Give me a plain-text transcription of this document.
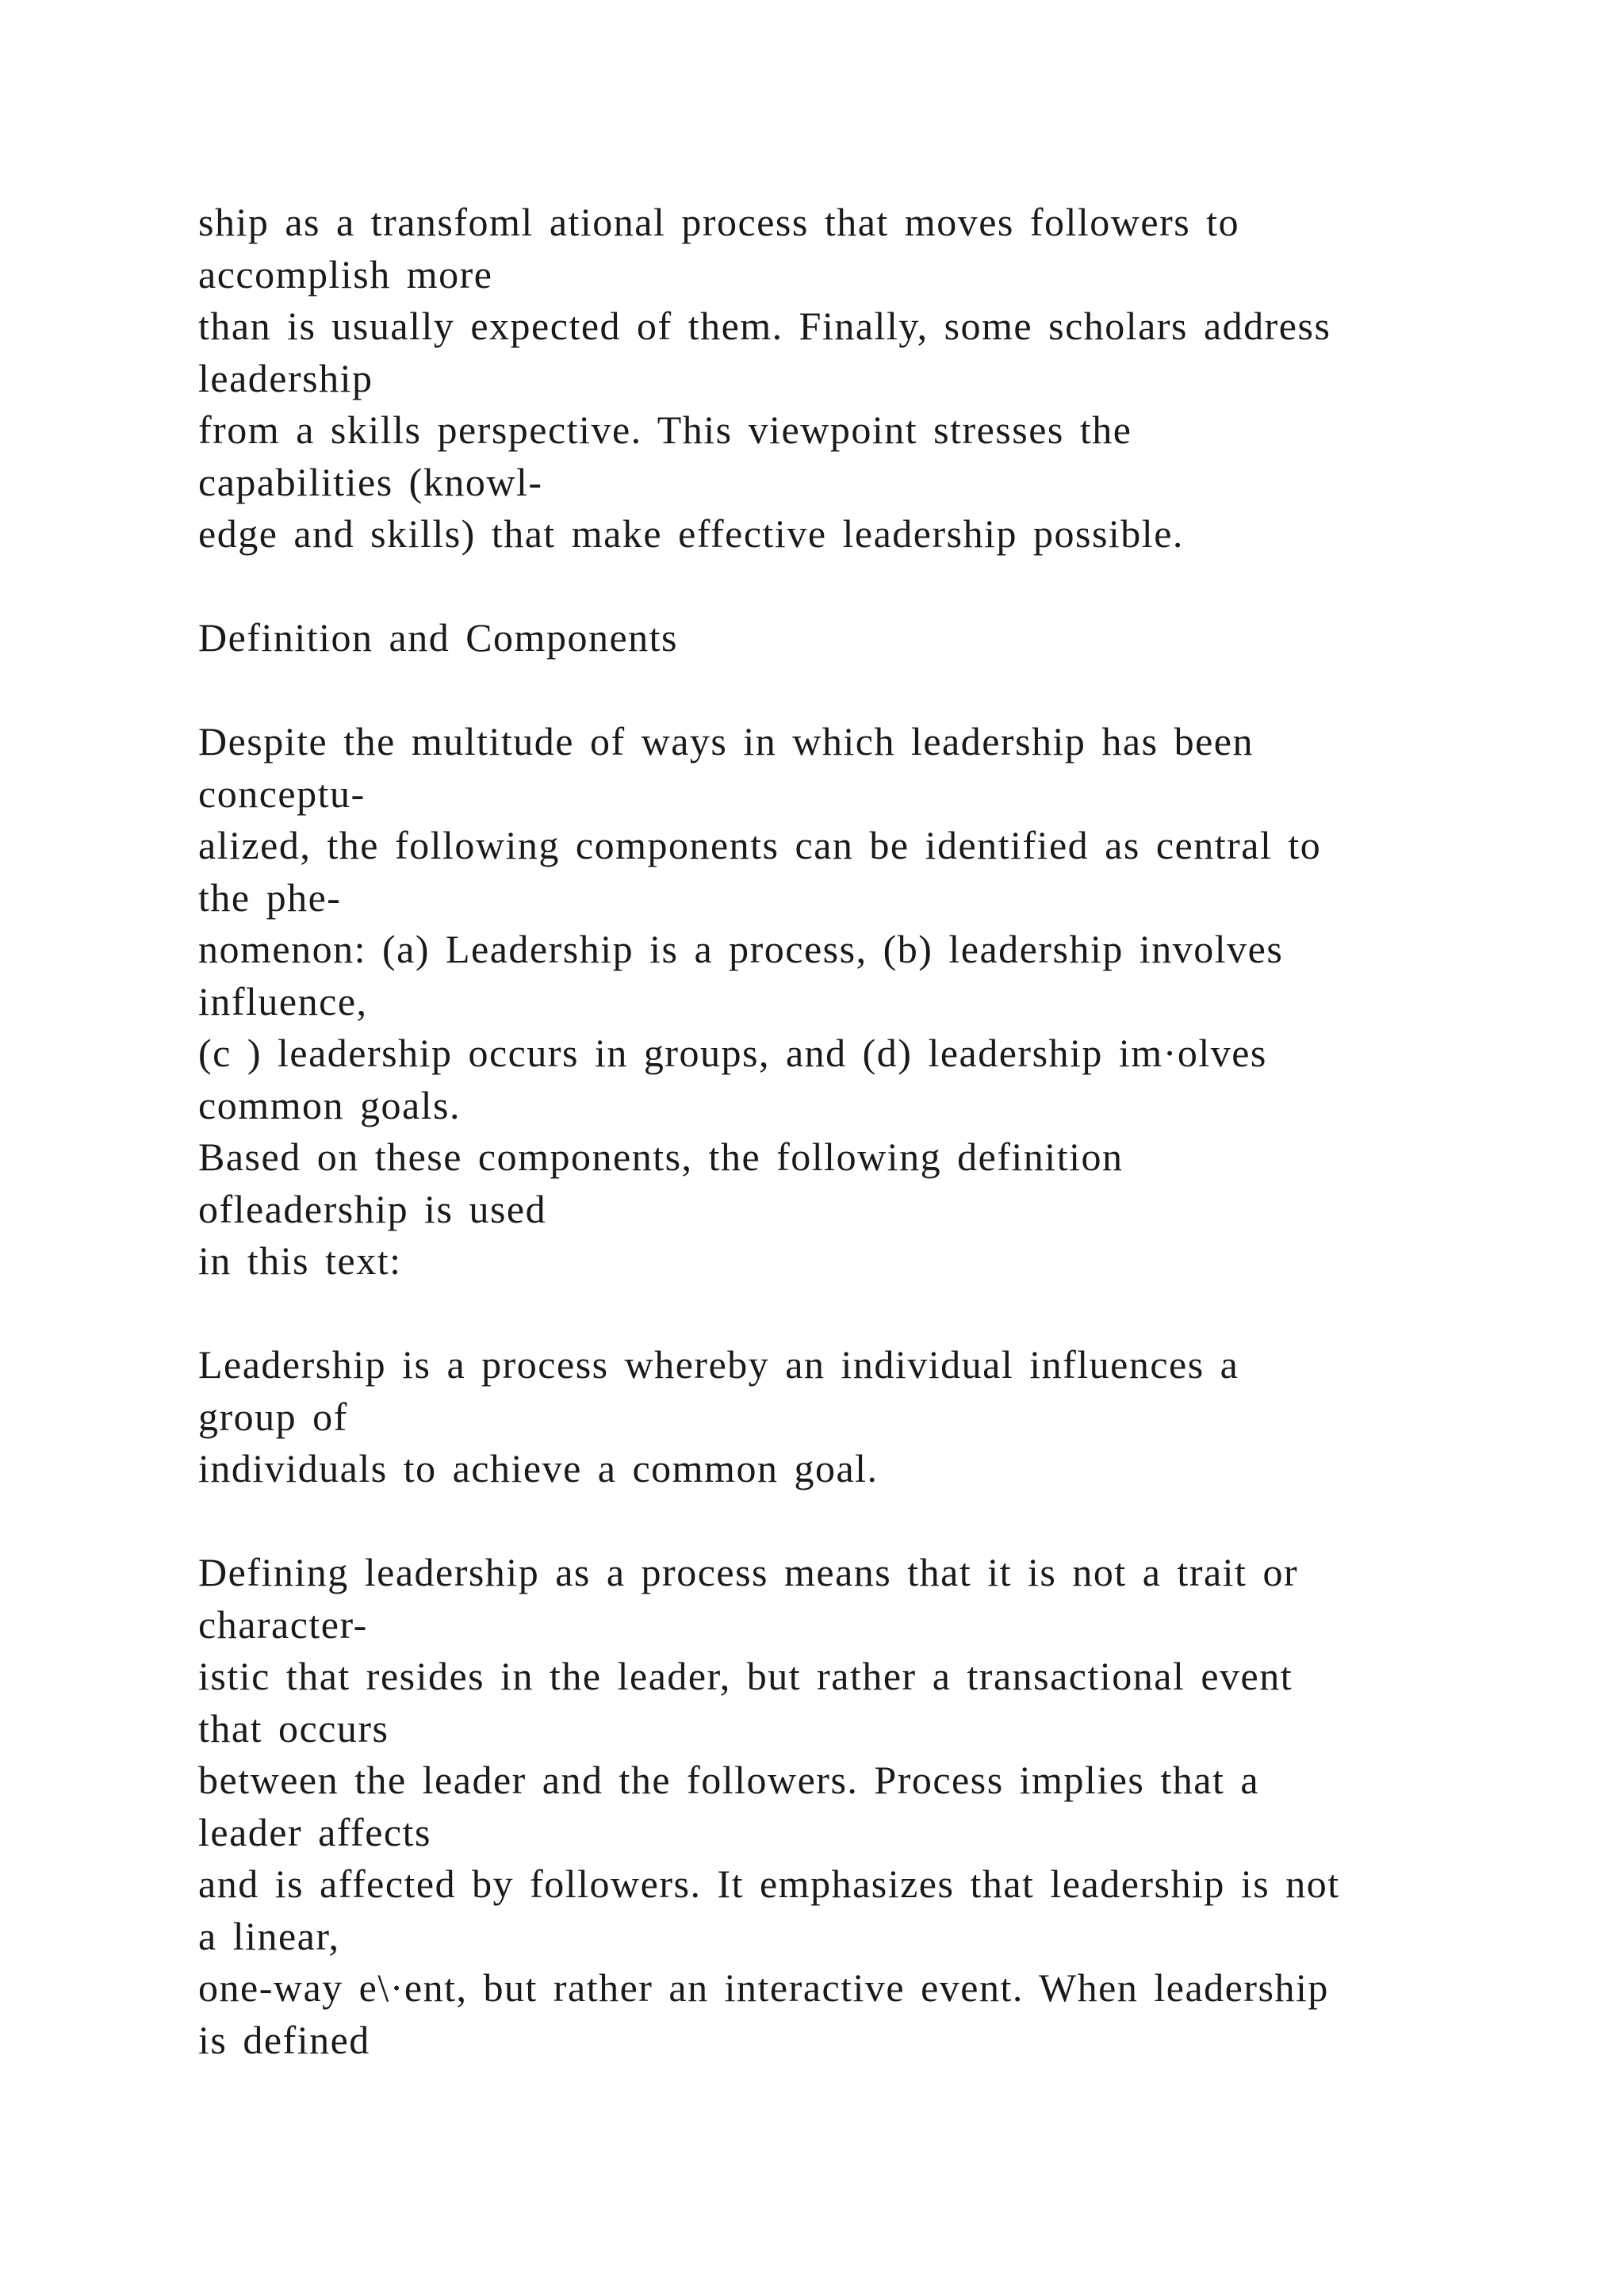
ship as a transfoml ational process that moves followers to
accomplish more
than is usually expected of them. Finally, some scholars address
leadership
from a skills perspective. This viewpoint stresses the
capabilities (knowl-
edge and skills) that make effective leadership possible.
Definition and Components
Despite the multitude of ways in which leadership has been
conceptu-
alized, the following components can be identified as central to
the phe-
nomenon: (a) Leadership is a process, (b) leadership involves
influence,
(c ) leadership occurs in groups, and (d) leadership im·olves
common goals.
Based on these components, the following definition
ofleadership is used
in this text:
Leadership is a process whereby an individual influences a
group of
individuals to achieve a common goal.
Defining leadership as a process means that it is not a trait or
character-
istic that resides in the leader, but rather a transactional event
that occurs
between the leader and the followers. Process implies that a
leader affects
and is affected by followers. It emphasizes that leadership is not
a linear,
one-way e\·ent, but rather an interactive event. When leadership
is defined
